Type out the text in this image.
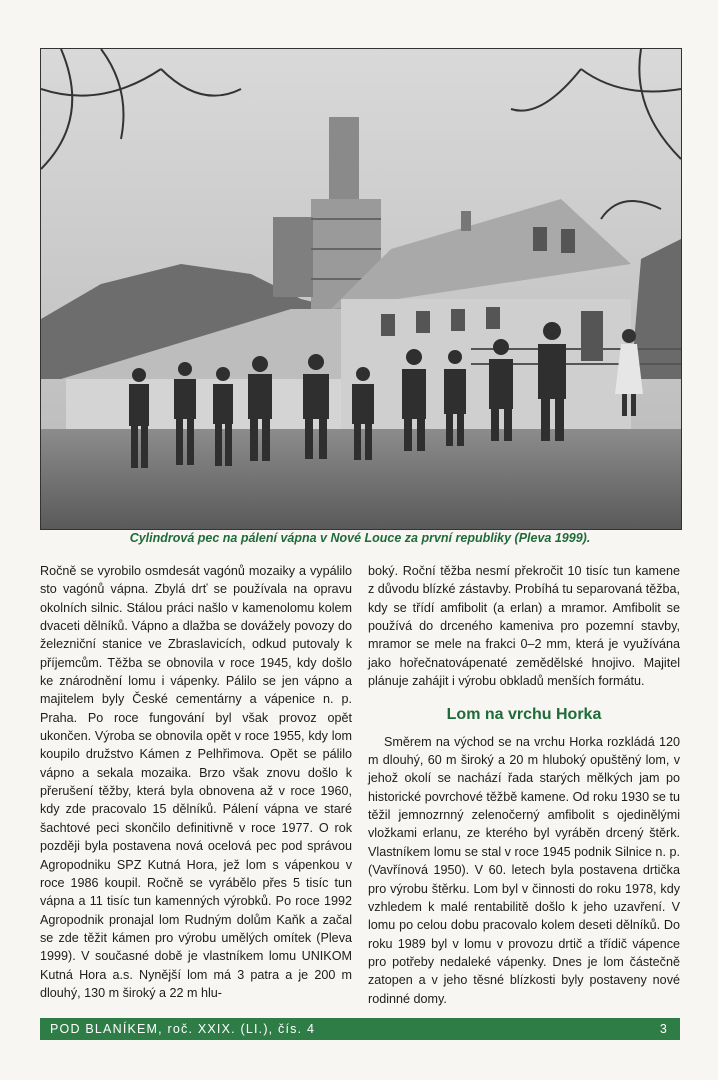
Cylindrová pec na pálení vápna v Nové Louce za první republiky (Pleva 1999).

Ročně se vyrobilo osmdesát vagónů mozaiky a vypálilo sto vagónů vápna. Zbylá drť se používala na opravu okolních silnic. Stálou práci našlo v kamenolomu kolem dvaceti dělníků. Vápno a dlažba se dovážely povozy do železniční stanice ve Zbraslavicích, odkud putovaly k příjemcům. Těžba se obnovila v roce 1945, kdy došlo ke znárodnění lomu i vápenky. Pálilo se jen vápno a majitelem byly České cementárny a vápenice n. p. Praha. Po roce fungování byl však provoz opět ukončen. Výroba se obnovila opět v roce 1955, kdy lom koupilo družstvo Kámen z Pelhřimova. Opět se pálilo vápno a sekala mozaika. Brzo však znovu došlo k přerušení těžby, která byla obnovena až v roce 1960, kdy zde pracovalo 15 dělníků. Pálení vápna ve staré šachtové peci skončilo definitivně v roce 1977. O rok později byla postavena nová ocelová pec pod správou Agropodniku SPZ Kutná Hora, jež lom s vápenkou v roce 1986 koupil. Ročně se vyrábělo přes 5 tisíc tun vápna a 11 tisíc tun kamenných výrobků. Po roce 1992 Agropodnik pronajal lom Rudným dolům Kaňk a začal se zde těžit kámen pro výrobu umělých omítek (Pleva 1999). V současné době je vlastníkem lomu UNIKOM Kutná Hora a.s. Nynější lom má 3 patra a je 200 m dlouhý, 130 m široký a 22 m hlu-

boký. Roční těžba nesmí překročit 10 tisíc tun kamene z důvodu blízké zástavby. Probíhá tu separovaná těžba, kdy se třídí amfibolit (a erlan) a mramor. Amfibolit se používá do drceného kameniva pro pozemní stavby, mramor se mele na frakci 0–2 mm, která je využívána jako hořečnatovápenaté zemědělské hnojivo. Majitel plánuje zahájit i výrobu obkladů menších formátu.

Lom na vrchu Horka

Směrem na východ se na vrchu Horka rozkládá 120 m dlouhý, 60 m široký a 20 m hluboký opuštěný lom, v jehož okolí se nachází řada starých mělkých jam po historické povrchové těžbě kamene. Od roku 1930 se tu těžil jemnozrnný zelenočerný amfibolit s ojedinělými vložkami erlanu, ze kterého byl vyráběn drcený štěrk. Vlastníkem lomu se stal v roce 1945 podnik Silnice n. p. (Vavřínová 1950). V 60. letech byla postavena drtička pro výrobu štěrku. Lom byl v činnosti do roku 1978, kdy vzhledem k malé rentabilitě došlo k jeho uzavření. V lomu po celou dobu pracovalo kolem deseti dělníků. Do roku 1989 byl v lomu v provozu drtič a třídič vápence pro potřeby nedaleké vápenky. Dnes je lom částečně zatopen a v jeho těsné blízkosti byly postaveny nové rodinné domy.

POD BLANÍKEM, roč. XXIX. (LI.), čís. 4	3
